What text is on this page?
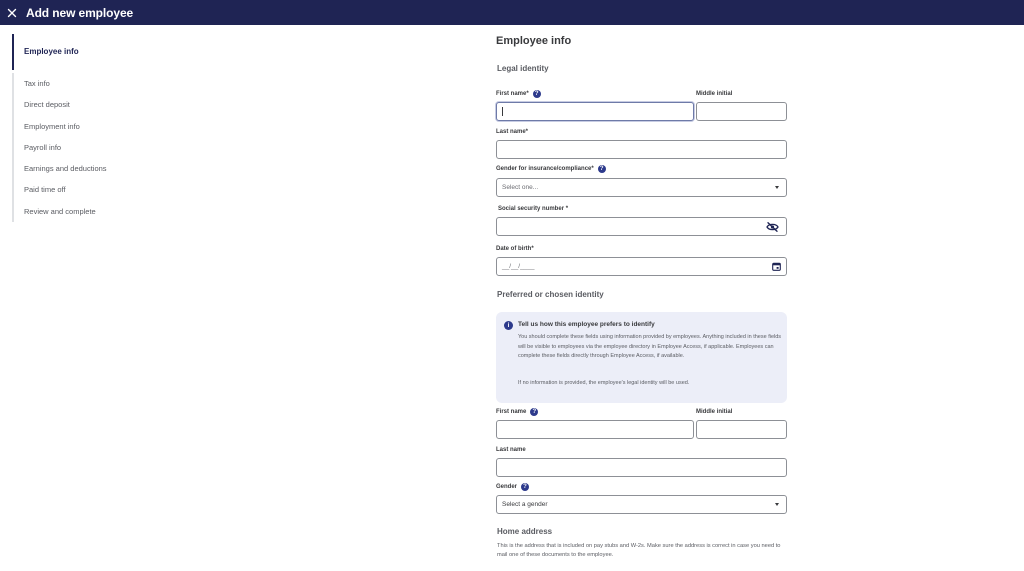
Add new employee
Employee info
Tax info
Direct deposit
Employment info
Payroll info
Earnings and deductions
Paid time off
Review and complete
Employee info
Legal identity
First name*	?	Middle initial
Last name*
Gender for insurance/compliance*	?
Select one...
Social security number *
Date of birth*
__/__/____
Preferred or chosen identity
i	Tell us how this employee prefers to identify
You should complete these fields using information provided by employees. Anything included in these fields will be visible to employees via the employee directory in Employee Access, if applicable. Employees can complete these fields directly through Employee Access, if available.
If no information is provided, the employee's legal identity will be used.
First name	?	Middle initial
Last name
Gender	?
Select a gender
Home address
This is the address that is included on pay stubs and W-2s. Make sure the address is correct in case you need to mail one of these documents to the employee.
